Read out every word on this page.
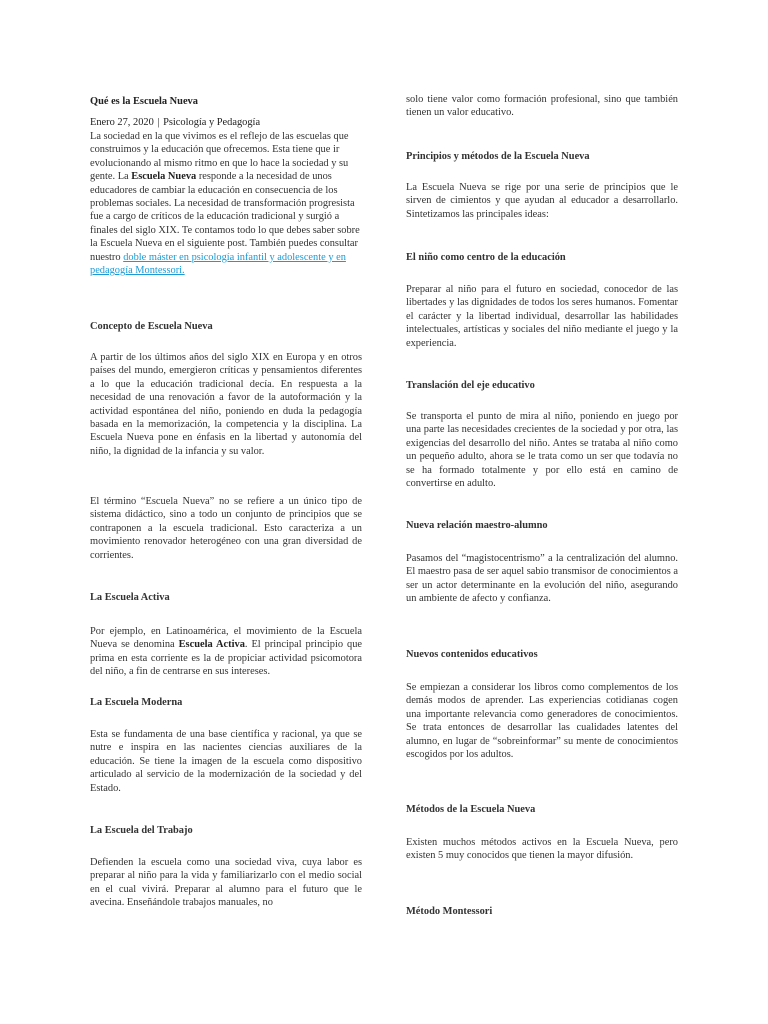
Qué es la Escuela Nueva
Enero 27, 2020 | Psicología y Pedagogía

La sociedad en la que vivimos es el reflejo de las escuelas que construimos y la educación que ofrecemos. Esta tiene que ir evolucionando al mismo ritmo en que lo hace la sociedad y su gente. La Escuela Nueva responde a la necesidad de unos educadores de cambiar la educación en consecuencia de los problemas sociales. La necesidad de transformación progresista fue a cargo de críticos de la educación tradicional y surgió a finales del siglo XIX. Te contamos todo lo que debes saber sobre la Escuela Nueva en el siguiente post. También puedes consultar nuestro doble máster en psicología infantil y adolescente y en pedagogía Montessori.

Concepto de Escuela Nueva

A partir de los últimos años del siglo XIX en Europa y en otros países del mundo, emergieron críticas y pensamientos diferentes a lo que la educación tradicional decía. En respuesta a la necesidad de una renovación a favor de la autoformación y la actividad espontánea del niño, poniendo en duda la pedagogía basada en la memorización, la competencia y la disciplina. La Escuela Nueva pone en énfasis en la libertad y autonomía del niño, la dignidad de la infancia y su valor.

El término “Escuela Nueva” no se refiere a un único tipo de sistema didáctico, sino a todo un conjunto de principios que se contraponen a la escuela tradicional. Esto caracteriza a un movimiento renovador heterogéneo con una gran diversidad de corrientes.

La Escuela Activa

Por ejemplo, en Latinoamérica, el movimiento de la Escuela Nueva se denomina Escuela Activa. El principal principio que prima en esta corriente es la de propiciar actividad psicomotora del niño, a fin de centrarse en sus intereses.

La Escuela Moderna

Esta se fundamenta de una base científica y racional, ya que se nutre e inspira en las nacientes ciencias auxiliares de la educación. Se tiene la imagen de la escuela como dispositivo articulado al servicio de la modernización de la sociedad y del Estado.

La Escuela del Trabajo

Defienden la escuela como una sociedad viva, cuya labor es preparar al niño para la vida y familiarizarlo con el medio social en el cual vivirá. Preparar al alumno para el futuro que le avecina. Enseñándole trabajos manuales, no

solo tiene valor como formación profesional, sino que también tienen un valor educativo.

Principios y métodos de la Escuela Nueva

La Escuela Nueva se rige por una serie de principios que le sirven de cimientos y que ayudan al educador a desarrollarlo. Sintetizamos las principales ideas:

El niño como centro de la educación

Preparar al niño para el futuro en sociedad, conocedor de las libertades y las dignidades de todos los seres humanos. Fomentar el carácter y la libertad individual, desarrollar las habilidades intelectuales, artísticas y sociales del niño mediante el juego y la experiencia.

Translación del eje educativo

Se transporta el punto de mira al niño, poniendo en juego por una parte las necesidades crecientes de la sociedad y por otra, las exigencias del desarrollo del niño. Antes se trataba al niño como un pequeño adulto, ahora se le trata como un ser que todavía no se ha formado totalmente y por ello está en camino de convertirse en adulto.

Nueva relación maestro-alumno

Pasamos del “magistocentrismo” a la centralización del alumno. El maestro pasa de ser aquel sabio transmisor de conocimientos a ser un actor determinante en la evolución del niño, asegurando un ambiente de afecto y confianza.

Nuevos contenidos educativos

Se empiezan a considerar los libros como complementos de los demás modos de aprender. Las experiencias cotidianas cogen una importante relevancia como generadores de conocimientos. Se trata entonces de desarrollar las cualidades latentes del alumno, en lugar de “sobreinformar” su mente de conocimientos escogidos por los adultos.

Métodos de la Escuela Nueva

Existen muchos métodos activos en la Escuela Nueva, pero existen 5 muy conocidos que tienen la mayor difusión.

Método Montessori
